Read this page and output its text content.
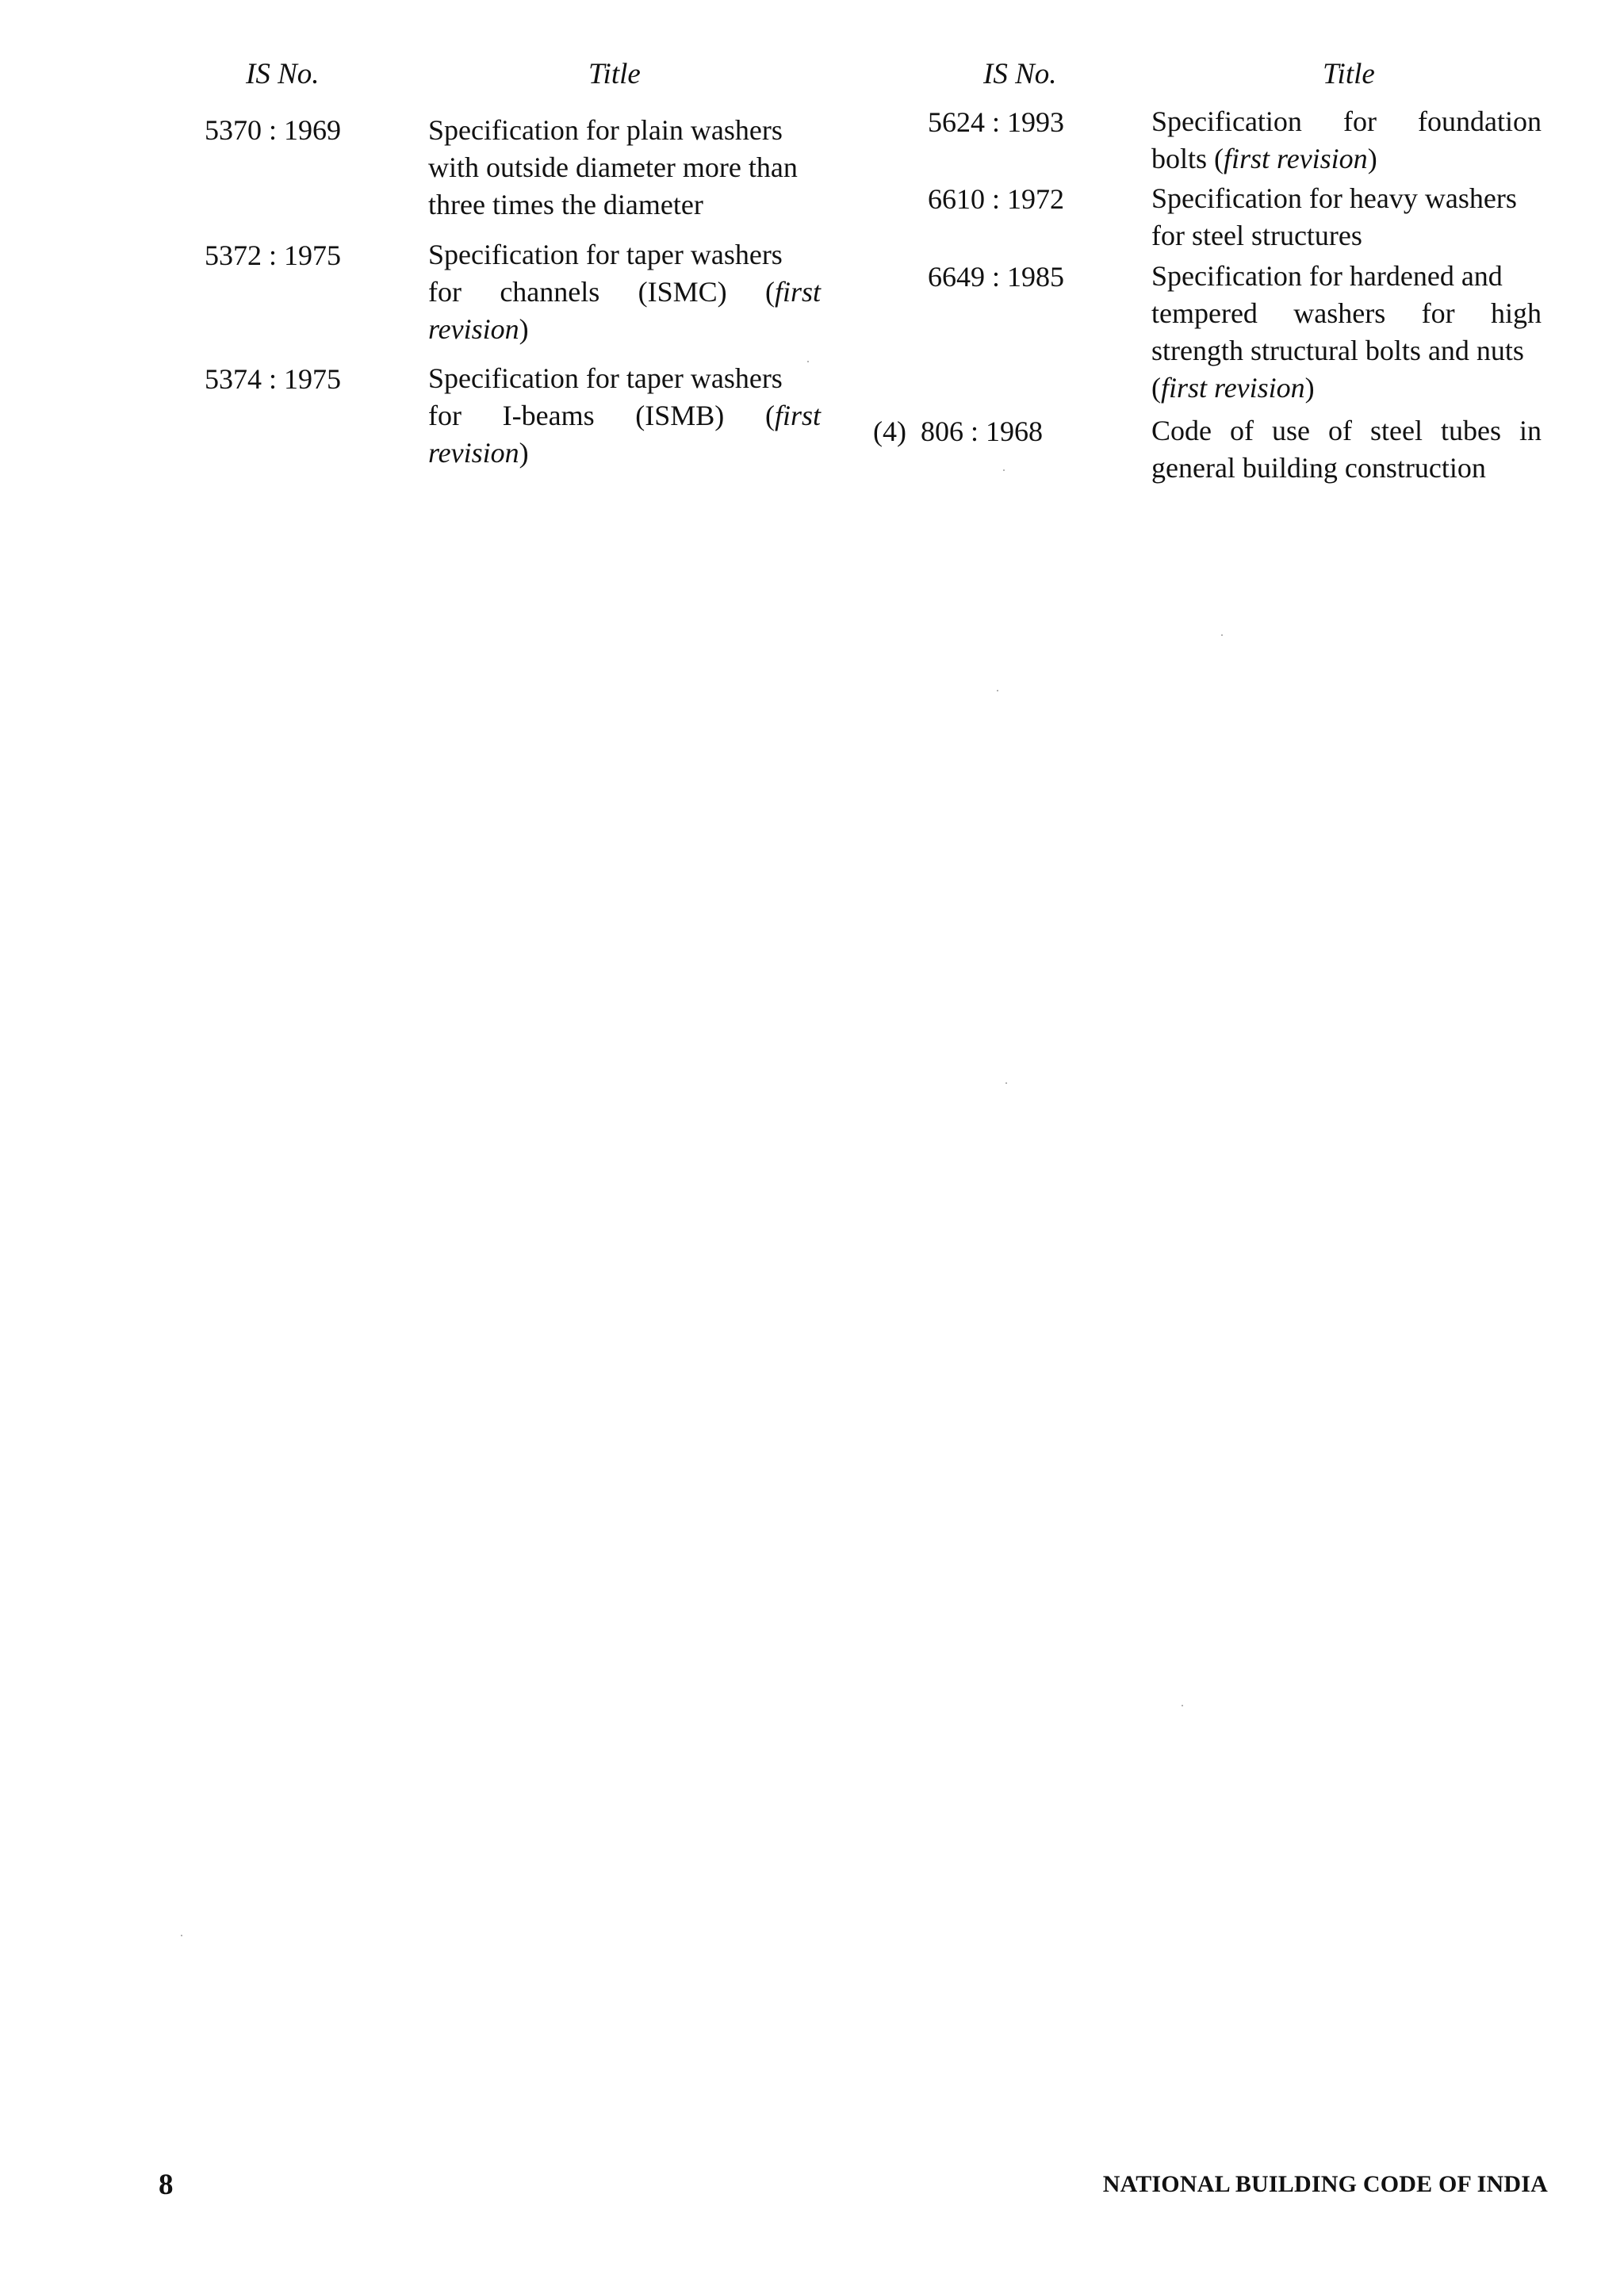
IS No.	Title	IS No.	Title
5370 : 1969	Specification for plain washers
with outside diameter more than
three times the diameter
5372 : 1975	Specification for taper washers
for channels (ISMC) (first
revision)
5374 : 1975	Specification for taper washers
for I-beams (ISMB) (first
revision)
5624 : 1993	Specification for foundation
bolts (first revision)
6610 : 1972	Specification for heavy washers
for steel structures
6649 : 1985	Specification for hardened and
tempered washers for high
strength structural bolts and nuts
(first revision)
(4)  806 : 1968	Code of use of steel tubes in
general building construction
8	NATIONAL BUILDING CODE OF INDIA
